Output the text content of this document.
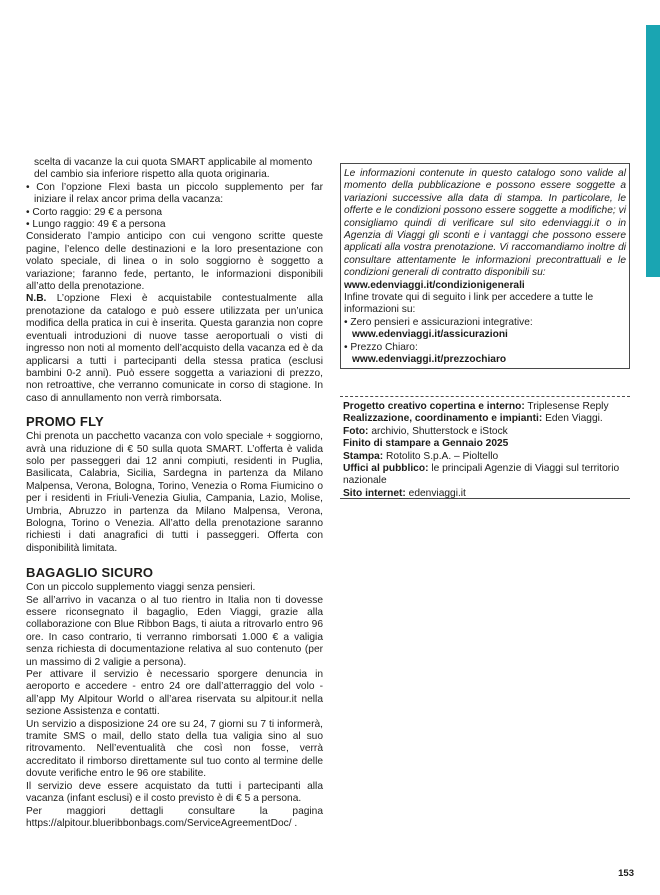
scelta di vacanze la cui quota SMART applicabile al momento

del cambio sia inferiore rispetto alla quota originaria.

• Con l’opzione Flexi basta un piccolo supplemento per far iniziare il relax ancor prima della vacanza:

• Corto raggio: 29 € a persona

• Lungo raggio: 49 € a persona

Considerato l’ampio anticipo con cui vengono scritte queste pagine, l’elenco delle destinazioni e la loro presentazione con volato speciale, di linea o in solo soggiorno è soggetto a variazione; faranno fede, pertanto, le informazioni disponibili all’atto della prenotazione.

N.B. L’opzione Flexi è acquistabile contestualmente alla prenotazione da catalogo e può essere utilizzata per un’unica modifica della pratica in cui è inserita. Questa garanzia non copre eventuali introduzioni di nuove tasse aeroportuali o visti di ingresso non noti al momento dell’acquisto della vacanza ed è da applicarsi a tutti i partecipanti della stessa pratica (esclusi bambini 0-2 anni). Può essere soggetta a variazioni di prezzo, non retroattive, che verranno comunicate in corso di stagione. In caso di annullamento non verrà rimborsata.

PROMO FLY

Chi prenota un pacchetto vacanza con volo speciale + soggiorno, avrà una riduzione di € 50 sulla quota SMART. L’offerta è valida solo per passeggeri dai 12 anni compiuti, residenti in Puglia, Basilicata, Calabria, Sicilia, Sardegna in partenza da Milano Malpensa, Verona, Bologna, Torino, Venezia o Roma Fiumicino o per i residenti in Friuli-Venezia Giulia, Campania, Lazio, Molise, Umbria, Abruzzo in partenza da Milano Malpensa, Verona, Bologna, Torino o Venezia. All’atto della prenotazione saranno richiesti i dati anagrafici di tutti i passeggeri. Offerta con disponibilità limitata.

BAGAGLIO SICURO

Con un piccolo supplemento viaggi senza pensieri.

Se all’arrivo in vacanza o al tuo rientro in Italia non ti dovesse essere riconsegnato il bagaglio, Eden Viaggi, grazie alla collaborazione con Blue Ribbon Bags, ti aiuta a ritrovarlo entro 96 ore. In caso contrario, ti verranno rimborsati 1.000 € a valigia senza richiesta di documentazione relativa al suo contenuto (per un massimo di 2 valigie a persona).

Per attivare il servizio è necessario sporgere denuncia in aeroporto e accedere - entro 24 ore dall’atterraggio del volo - all’app My Alpitour World o all’area riservata su alpitour.it nella sezione Assistenza e contatti.

Un servizio a disposizione 24 ore su 24, 7 giorni su 7 ti informerà, tramite SMS o mail, dello stato della tua valigia sino al suo ritrovamento. Nell’eventualità che così non fosse, verrà accreditato il rimborso direttamente sul tuo conto al termine delle dovute verifiche entro le 96 ore stabilite.

Il servizio deve essere acquistato da tutti i partecipanti alla vacanza (infant esclusi) e il costo previsto è di € 5 a persona.

Per maggiori dettagli consultare la pagina https://alpitour.blueribbonbags.com/ServiceAgreementDoc/ .

Le informazioni contenute in questo catalogo sono valide al momento della pubblicazione e possono essere soggette a variazioni successive alla data di stampa. In particolare, le offerte e le condizioni possono essere soggette a modifiche; vi consigliamo quindi di verificare sul sito edenviaggi.it o in Agenzia di Viaggi gli sconti e i vantaggi che possono essere applicati alla vostra prenotazione. Vi raccomandiamo inoltre di consultare attentamente le informazioni precontrattuali e le condizioni generali di contratto disponibili su:

www.edenviaggi.it/condizionigenerali

Infine trovate qui di seguito i link per accedere a tutte le informazioni su:

• Zero pensieri e assicurazioni integrative:

www.edenviaggi.it/assicurazioni

• Prezzo Chiaro:

www.edenviaggi.it/prezzochiaro

Progetto creativo copertina e interno: Triplesense Reply

Realizzazione, coordinamento e impianti: Eden Viaggi.

Foto: archivio, Shutterstock e iStock

Finito di stampare a Gennaio 2025

Stampa: Rotolito S.p.A. – Pioltello

Uffici al pubblico: le principali Agenzie di Viaggi sul territorio nazionale

Sito internet: edenviaggi.it

153
